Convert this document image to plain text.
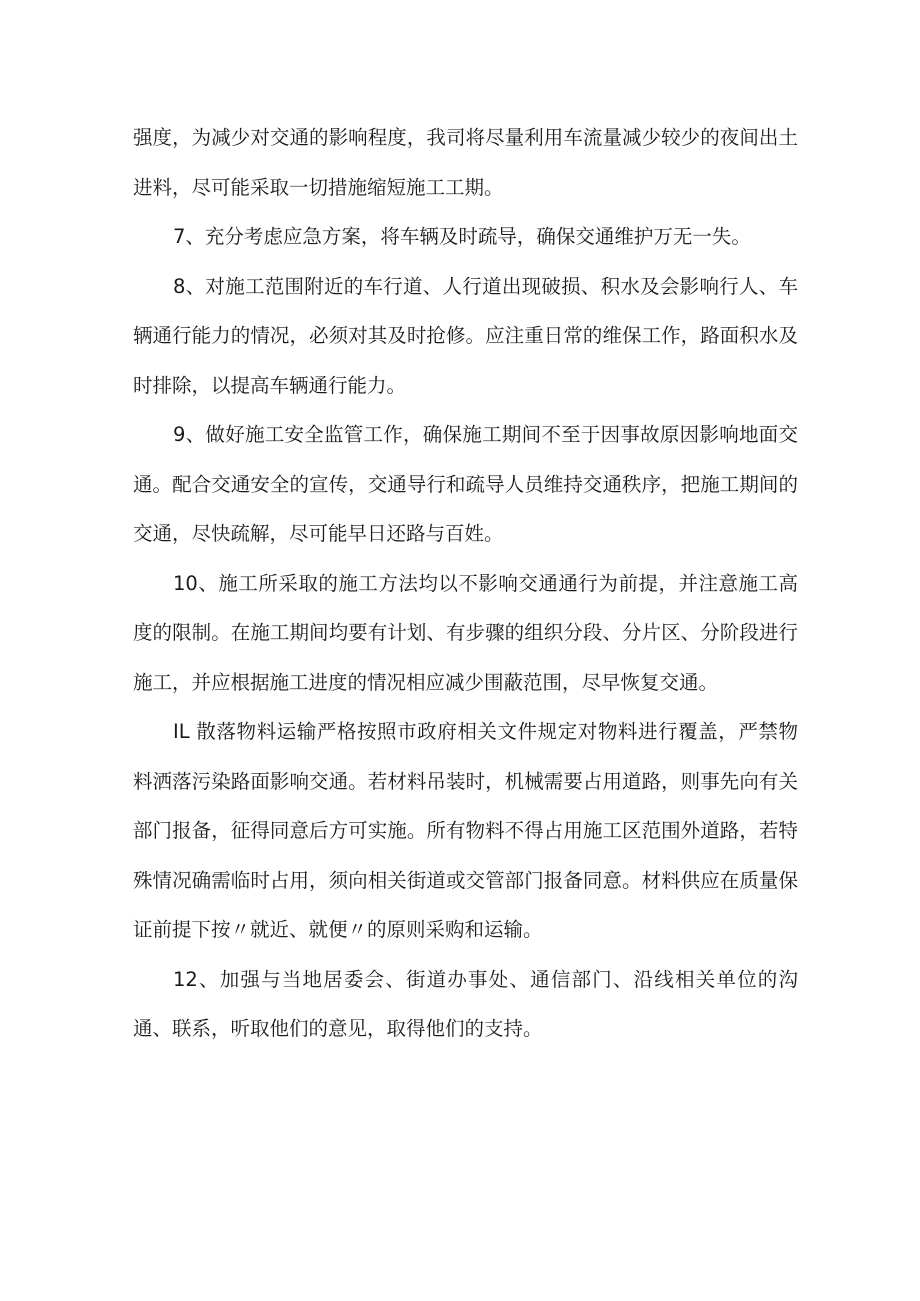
强度，为减少对交通的影响程度，我司将尽量利用车流量减少较少的夜间出土进料，尽可能采取一切措施缩短施工工期。

7、充分考虑应急方案，将车辆及时疏导，确保交通维护万无一失。

8、对施工范围附近的车行道、人行道出现破损、积水及会影响行人、车辆通行能力的情况，必须对其及时抢修。应注重日常的维保工作，路面积水及时排除，以提高车辆通行能力。

9、做好施工安全监管工作，确保施工期间不至于因事故原因影响地面交通。配合交通安全的宣传，交通导行和疏导人员维持交通秩序，把施工期间的交通，尽快疏解，尽可能早日还路与百姓。

10、施工所采取的施工方法均以不影响交通通行为前提，并注意施工高度的限制。在施工期间均要有计划、有步骤的组织分段、分片区、分阶段进行施工，并应根据施工进度的情况相应减少围蔽范围，尽早恢复交通。

IL 散落物料运输严格按照市政府相关文件规定对物料进行覆盖，严禁物料洒落污染路面影响交通。若材料吊装时，机械需要占用道路，则事先向有关部门报备，征得同意后方可实施。所有物料不得占用施工区范围外道路，若特殊情况确需临时占用，须向相关街道或交管部门报备同意。材料供应在质量保证前提下按〃就近、就便〃的原则采购和运输。

12、加强与当地居委会、街道办事处、通信部门、沿线相关单位的沟通、联系，听取他们的意见，取得他们的支持。
